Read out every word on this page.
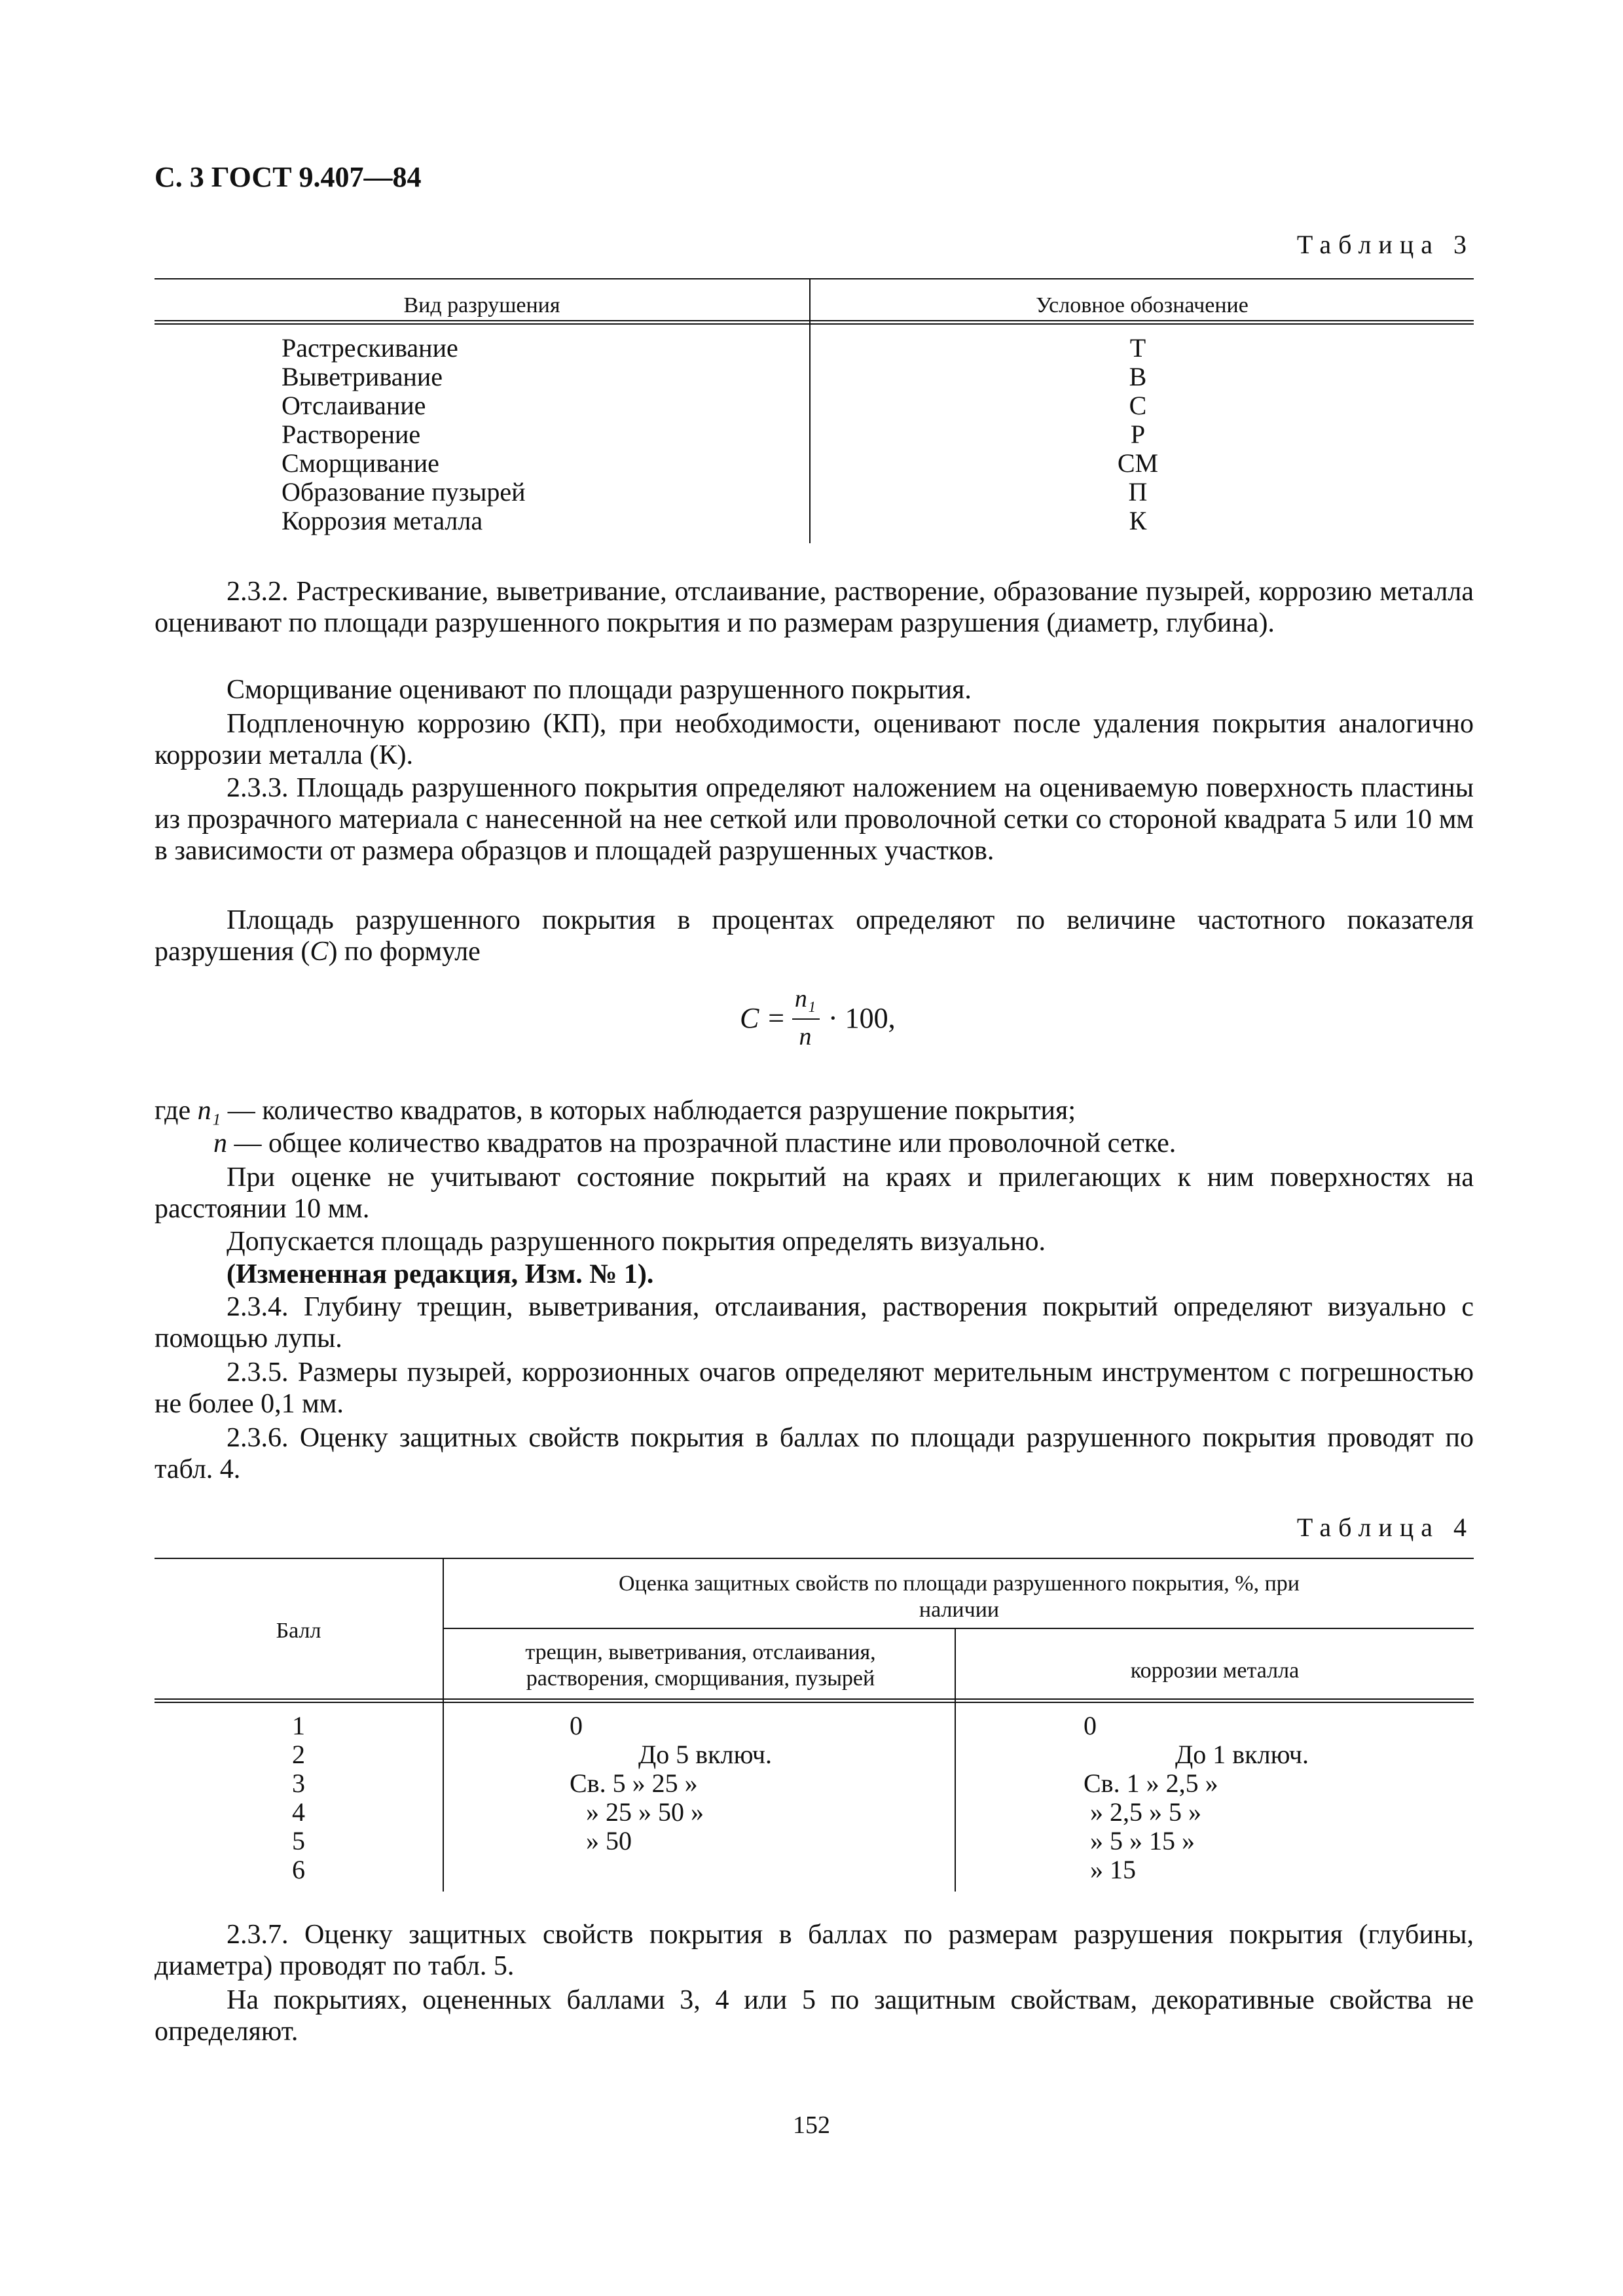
С. 3 ГОСТ 9.407—84
Таблица 3
Вид разрушения	Условное обозначение
Растрескивание
Выветривание
Отслаивание
Растворение
Сморщивание
Образование пузырей
Коррозия металла
Т
В
С
Р
СМ
П
К

2.3.2. Растрескивание, выветривание, отслаивание, растворение, образование пузырей, коррозию металла оценивают по площади разрушенного покрытия и по размерам разрушения (диаметр, глубина).

Сморщивание оценивают по площади разрушенного покрытия.

Подпленочную коррозию (КП), при необходимости, оценивают после удаления покрытия аналогично коррозии металла (К).

2.3.3. Площадь разрушенного покрытия определяют наложением на оцениваемую поверхность пластины из прозрачного материала с нанесенной на нее сеткой или проволочной сетки со стороной квадрата 5 или 10 мм в зависимости от размера образцов и площадей разрушенных участков.

Площадь разрушенного покрытия в процентах определяют по величине частотного показателя разрушения (С) по формуле

С =
n₁
n
· 100,

где n₁ — количество квадратов, в которых наблюдается разрушение покрытия;

n — общее количество квадратов на прозрачной пластине или проволочной сетке.

При оценке не учитывают состояние покрытий на краях и прилегающих к ним поверхностях на расстоянии 10 мм.

Допускается площадь разрушенного покрытия определять визуально.

(Измененная редакция, Изм. № 1).

2.3.4. Глубину трещин, выветривания, отслаивания, растворения покрытий определяют визуально с помощью лупы.

2.3.5. Размеры пузырей, коррозионных очагов определяют мерительным инструментом с погрешностью не более 0,1 мм.

2.3.6. Оценку защитных свойств покрытия в баллах по площади разрушенного покрытия проводят по табл. 4.

Таблица 4
Балл
Оценка защитных свойств по площади разрушенного покрытия, %, при наличии
трещин, выветривания, отслаивания, растворения, сморщивания, пузырей	коррозии металла
1
2
3
4
5
6
0
До 5 включ.
Св. 5 » 25 »
» 25 » 50 »
» 50
0
До 1 включ.
Св. 1 » 2,5 »
» 2,5 » 5 »
» 5 » 15 »
» 15

2.3.7. Оценку защитных свойств покрытия в баллах по размерам разрушения покрытия (глубины, диаметра) проводят по табл. 5.

На покрытиях, оцененных баллами 3, 4 или 5 по защитным свойствам, декоративные свойства не определяют.

152
